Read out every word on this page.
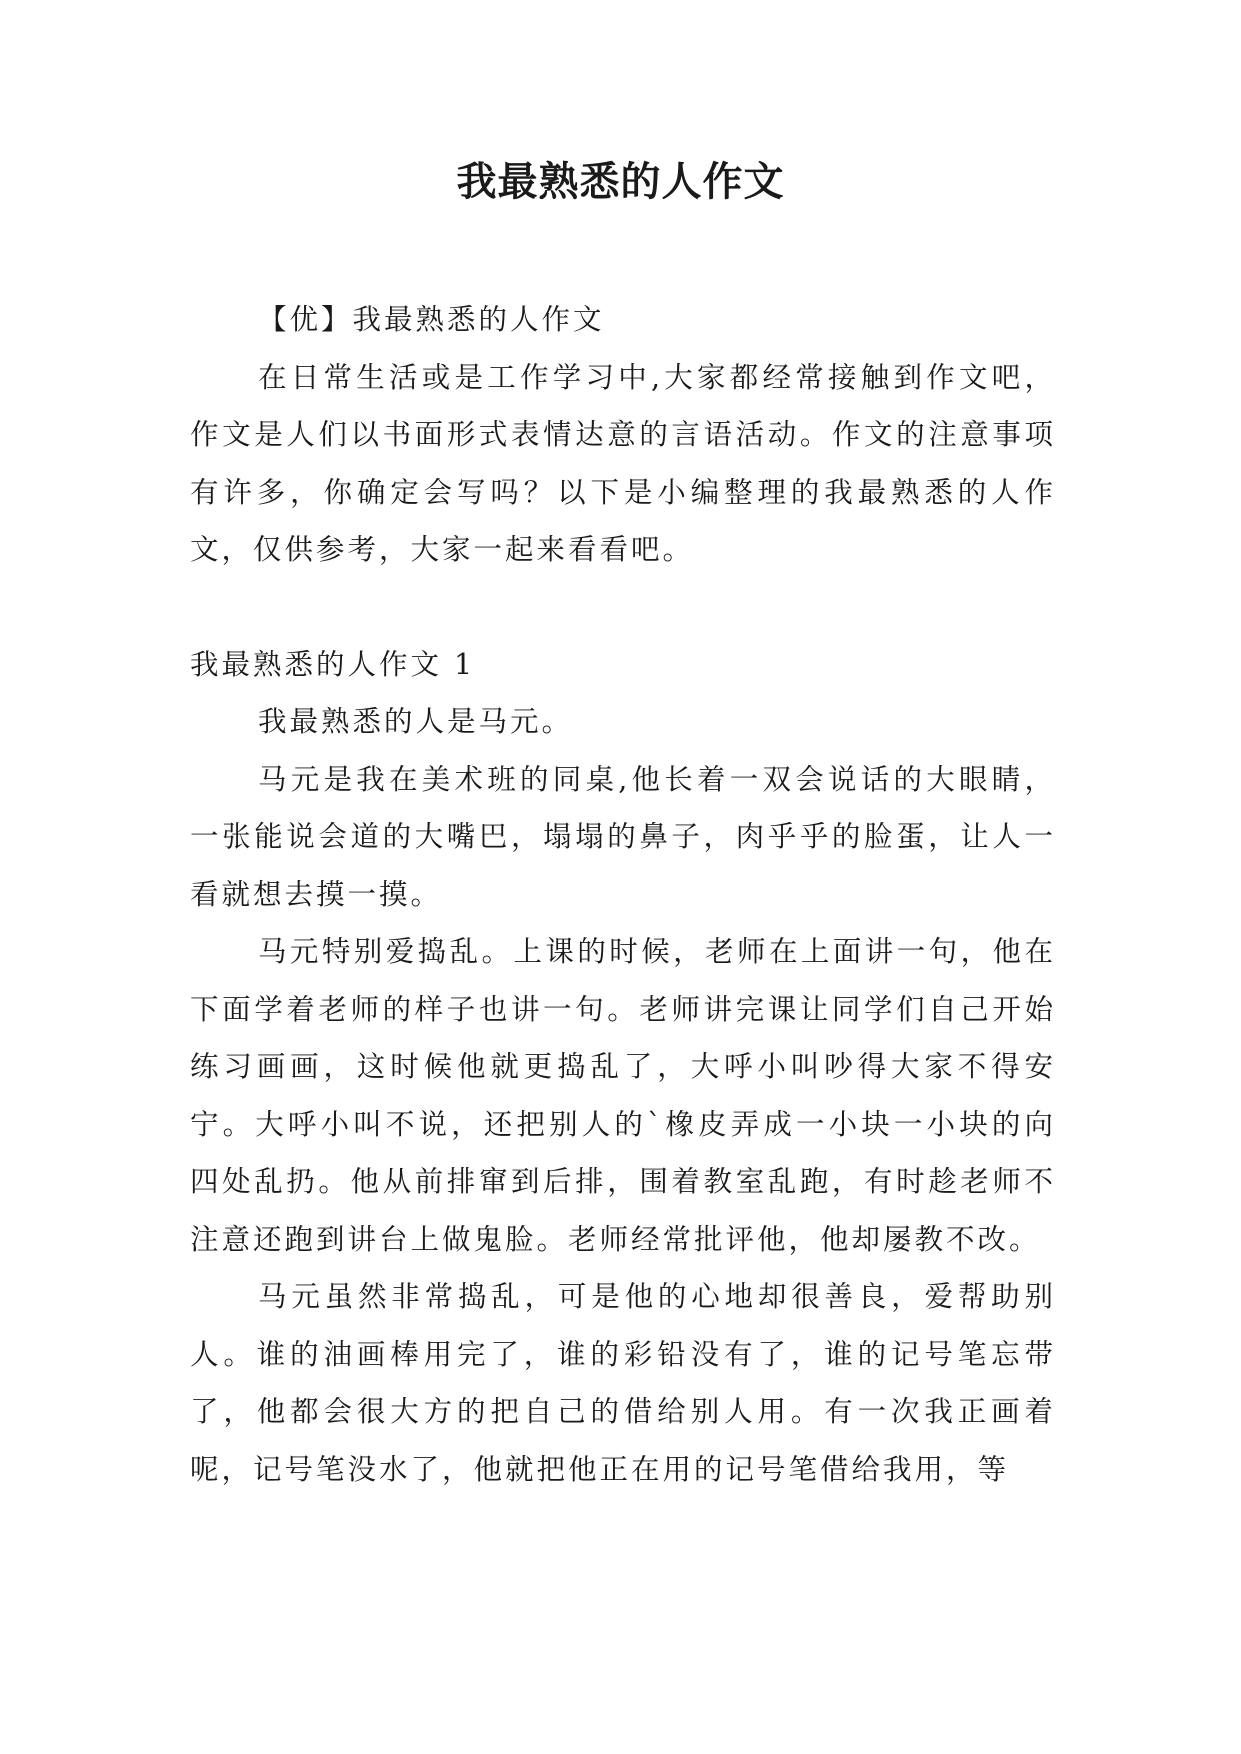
我最熟悉的人作文

【优】我最熟悉的人作文

在日常生活或是工作学习中,大家都经常接触到作文吧，作文是人们以书面形式表情达意的言语活动。作文的注意事项有许多，你确定会写吗？以下是小编整理的我最熟悉的人作文，仅供参考，大家一起来看看吧。

我最熟悉的人作文 1

我最熟悉的人是马元。

马元是我在美术班的同桌,他长着一双会说话的大眼睛，一张能说会道的大嘴巴，塌塌的鼻子，肉乎乎的脸蛋，让人一看就想去摸一摸。

马元特别爱捣乱。上课的时候，老师在上面讲一句，他在下面学着老师的样子也讲一句。老师讲完课让同学们自己开始练习画画，这时候他就更捣乱了，大呼小叫吵得大家不得安宁。大呼小叫不说，还把别人的`橡皮弄成一小块一小块的向四处乱扔。他从前排窜到后排，围着教室乱跑，有时趁老师不注意还跑到讲台上做鬼脸。老师经常批评他，他却屡教不改。

马元虽然非常捣乱，可是他的心地却很善良，爱帮助别人。谁的油画棒用完了，谁的彩铅没有了，谁的记号笔忘带了，他都会很大方的把自己的借给别人用。有一次我正画着呢，记号笔没水了，他就把他正在用的记号笔借给我用，等
